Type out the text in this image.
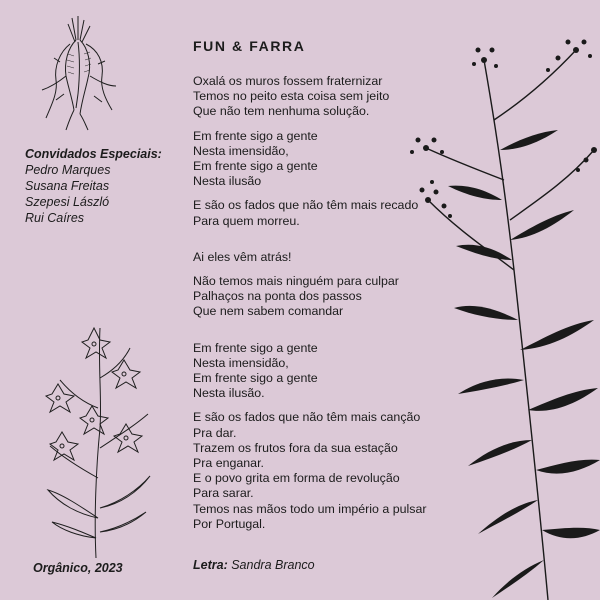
Convidados Especiais:
Pedro Marques
Susana Freitas
Szepesi László
Rui Caíres
Orgânico, 2023
FUN & FARRA
Oxalá os muros fossem fraternizar
Temos no peito esta coisa sem jeito
Que não tem nenhuma solução.
Em frente sigo a gente
Nesta imensidão,
Em frente sigo a gente
Nesta ilusão
E são os fados que não têm mais recado
Para quem morreu.
Ai eles vêm atrás!
Não temos mais ninguém para culpar
Palhaços na ponta dos passos
Que nem sabem comandar
Em frente sigo a gente
Nesta imensidão,
Em frente sigo a gente
Nesta ilusão.
E são os fados que não têm mais canção
Pra dar.
Trazem os frutos fora da sua estação
Pra enganar.
E o povo grita em forma de revolução
Para sarar.
Temos nas mãos todo um império a pulsar
Por Portugal.
Letra: Sandra Branco
